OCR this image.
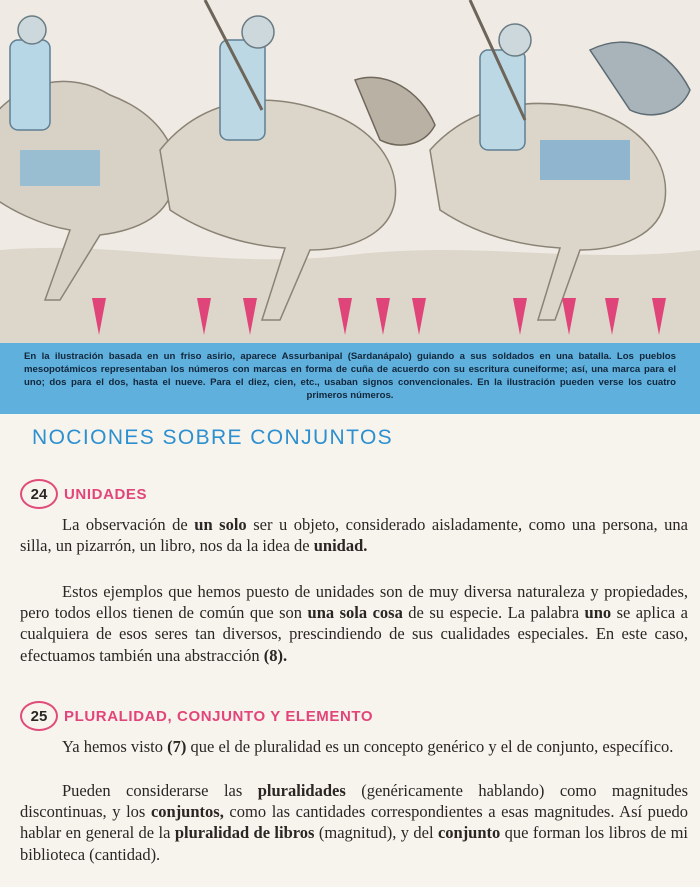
En la ilustración basada en un friso asirio, aparece Assurbanipal (Sardanápalo) guiando a sus soldados en una batalla. Los pueblos mesopotámicos representaban los números con marcas en forma de cuña de acuerdo con su escritura cuneiforme; así, una marca para el uno; dos para el dos, hasta el nueve. Para el diez, cien, etc., usaban signos convencionales. En la ilustración pueden verse los cuatro primeros números.
NOCIONES SOBRE CONJUNTOS
24	UNIDADES

La observación de un solo ser u objeto, considerado aisladamente, como una persona, una silla, un pizarrón, un libro, nos da la idea de unidad.

Estos ejemplos que hemos puesto de unidades son de muy diversa naturaleza y propiedades, pero todos ellos tienen de común que son una sola cosa de su especie. La palabra uno se aplica a cualquiera de esos seres tan diversos, prescindiendo de sus cualidades especiales. En este caso, efectuamos también una abstracción (8).

25	PLURALIDAD, CONJUNTO Y ELEMENTO

Ya hemos visto (7) que el de pluralidad es un concepto genérico y el de conjunto, específico.

Pueden considerarse las pluralidades (genéricamente hablando) como magnitudes discontinuas, y los conjuntos, como las cantidades correspondientes a esas magnitudes. Así puedo hablar en general de la pluralidad de libros (magnitud), y del conjunto que forman los libros de mi biblioteca (cantidad).
